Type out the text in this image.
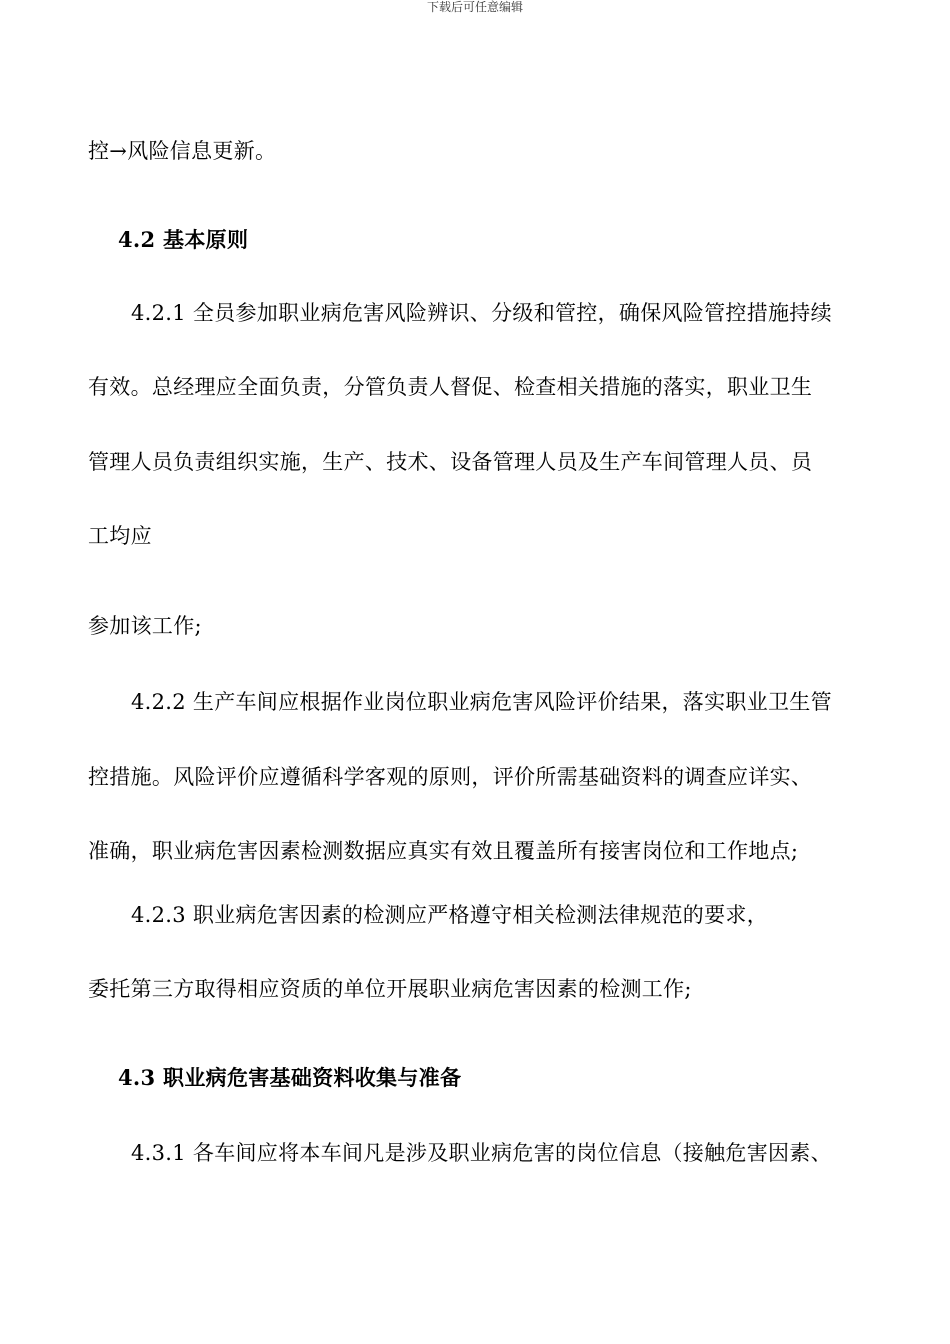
下载后可任意编辑
控→风险信息更新。
4.2 基本原则
4.2.1 全员参加职业病危害风险辨识、分级和管控，确保风险管控措施持续
有效。总经理应全面负责，分管负责人督促、检查相关措施的落实，职业卫生
管理人员负责组织实施，生产、技术、设备管理人员及生产车间管理人员、员
工均应
参加该工作;
4.2.2 生产车间应根据作业岗位职业病危害风险评价结果，落实职业卫生管
控措施。风险评价应遵循科学客观的原则，评价所需基础资料的调查应详实、
准确，职业病危害因素检测数据应真实有效且覆盖所有接害岗位和工作地点;
4.2.3 职业病危害因素的检测应严格遵守相关检测法律规范的要求，
委托第三方取得相应资质的单位开展职业病危害因素的检测工作;
4.3 职业病危害基础资料收集与准备
4.3.1 各车间应将本车间凡是涉及职业病危害的岗位信息（接触危害因素、
